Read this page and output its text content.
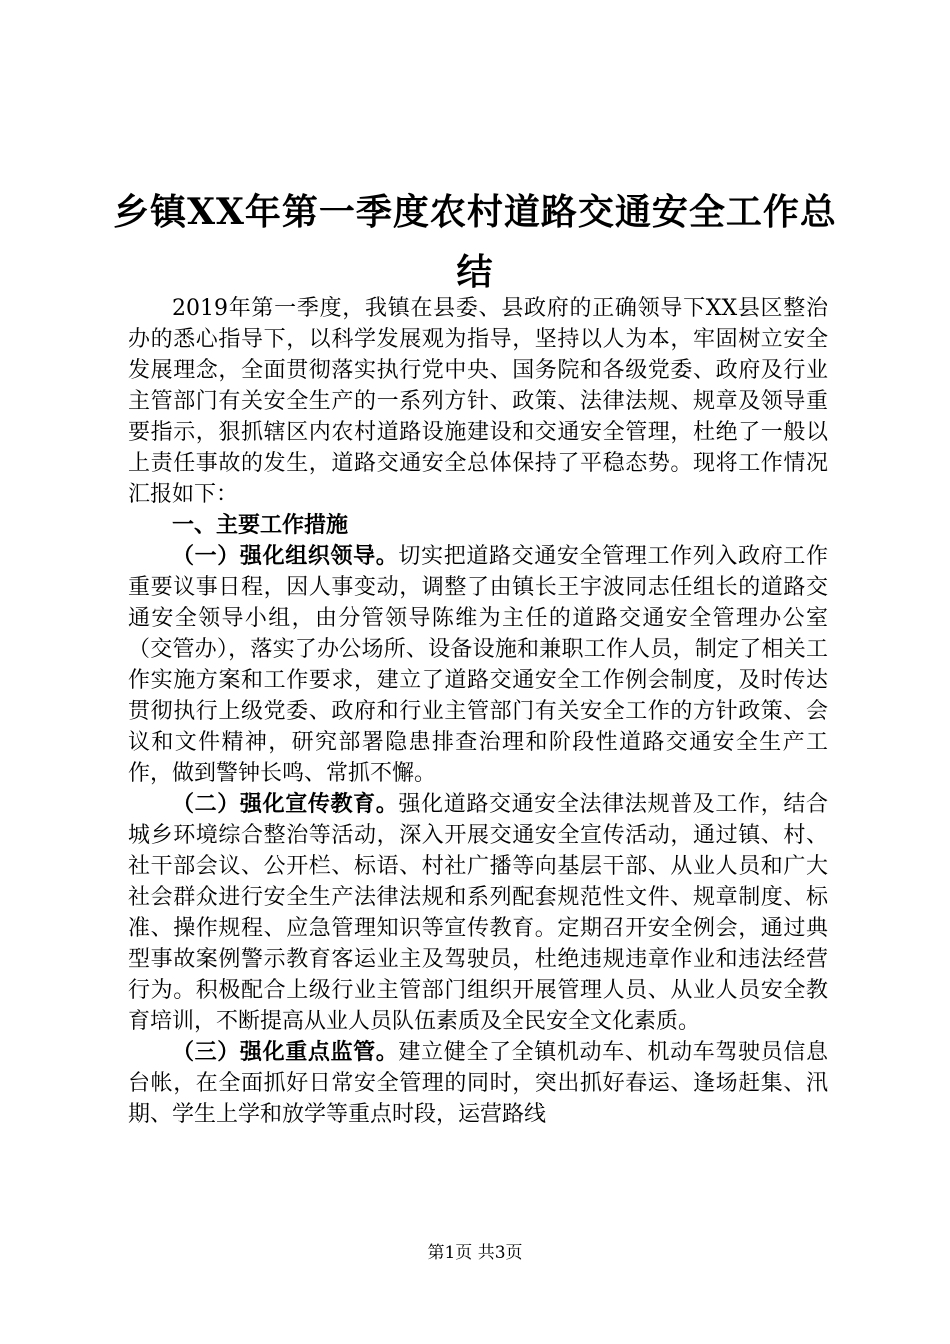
乡镇XX年第一季度农村道路交通安全工作总
结

2019年第一季度，我镇在县委、县政府的正确领导下XX县区整治办的悉心指导下，以科学发展观为指导，坚持以人为本，牢固树立安全发展理念，全面贯彻落实执行党中央、国务院和各级党委、政府及行业主管部门有关安全生产的一系列方针、政策、法律法规、规章及领导重要指示，狠抓辖区内农村道路设施建设和交通安全管理，杜绝了一般以上责任事故的发生，道路交通安全总体保持了平稳态势。现将工作情况汇报如下：

一、主要工作措施

（一）强化组织领导。切实把道路交通安全管理工作列入政府工作重要议事日程，因人事变动，调整了由镇长王宇波同志任组长的道路交通安全领导小组，由分管领导陈维为主任的道路交通安全管理办公室（交管办），落实了办公场所、设备设施和兼职工作人员，制定了相关工作实施方案和工作要求，建立了道路交通安全工作例会制度，及时传达贯彻执行上级党委、政府和行业主管部门有关安全工作的方针政策、会议和文件精神，研究部署隐患排查治理和阶段性道路交通安全生产工作，做到警钟长鸣、常抓不懈。

（二）强化宣传教育。强化道路交通安全法律法规普及工作，结合城乡环境综合整治等活动，深入开展交通安全宣传活动，通过镇、村、社干部会议、公开栏、标语、村社广播等向基层干部、从业人员和广大社会群众进行安全生产法律法规和系列配套规范性文件、规章制度、标准、操作规程、应急管理知识等宣传教育。定期召开安全例会，通过典型事故案例警示教育客运业主及驾驶员，杜绝违规违章作业和违法经营行为。积极配合上级行业主管部门组织开展管理人员、从业人员安全教育培训，不断提高从业人员队伍素质及全民安全文化素质。

（三）强化重点监管。建立健全了全镇机动车、机动车驾驶员信息台帐，在全面抓好日常安全管理的同时，突出抓好春运、逢场赶集、汛期、学生上学和放学等重点时段，运营路线

第1页 共3页
